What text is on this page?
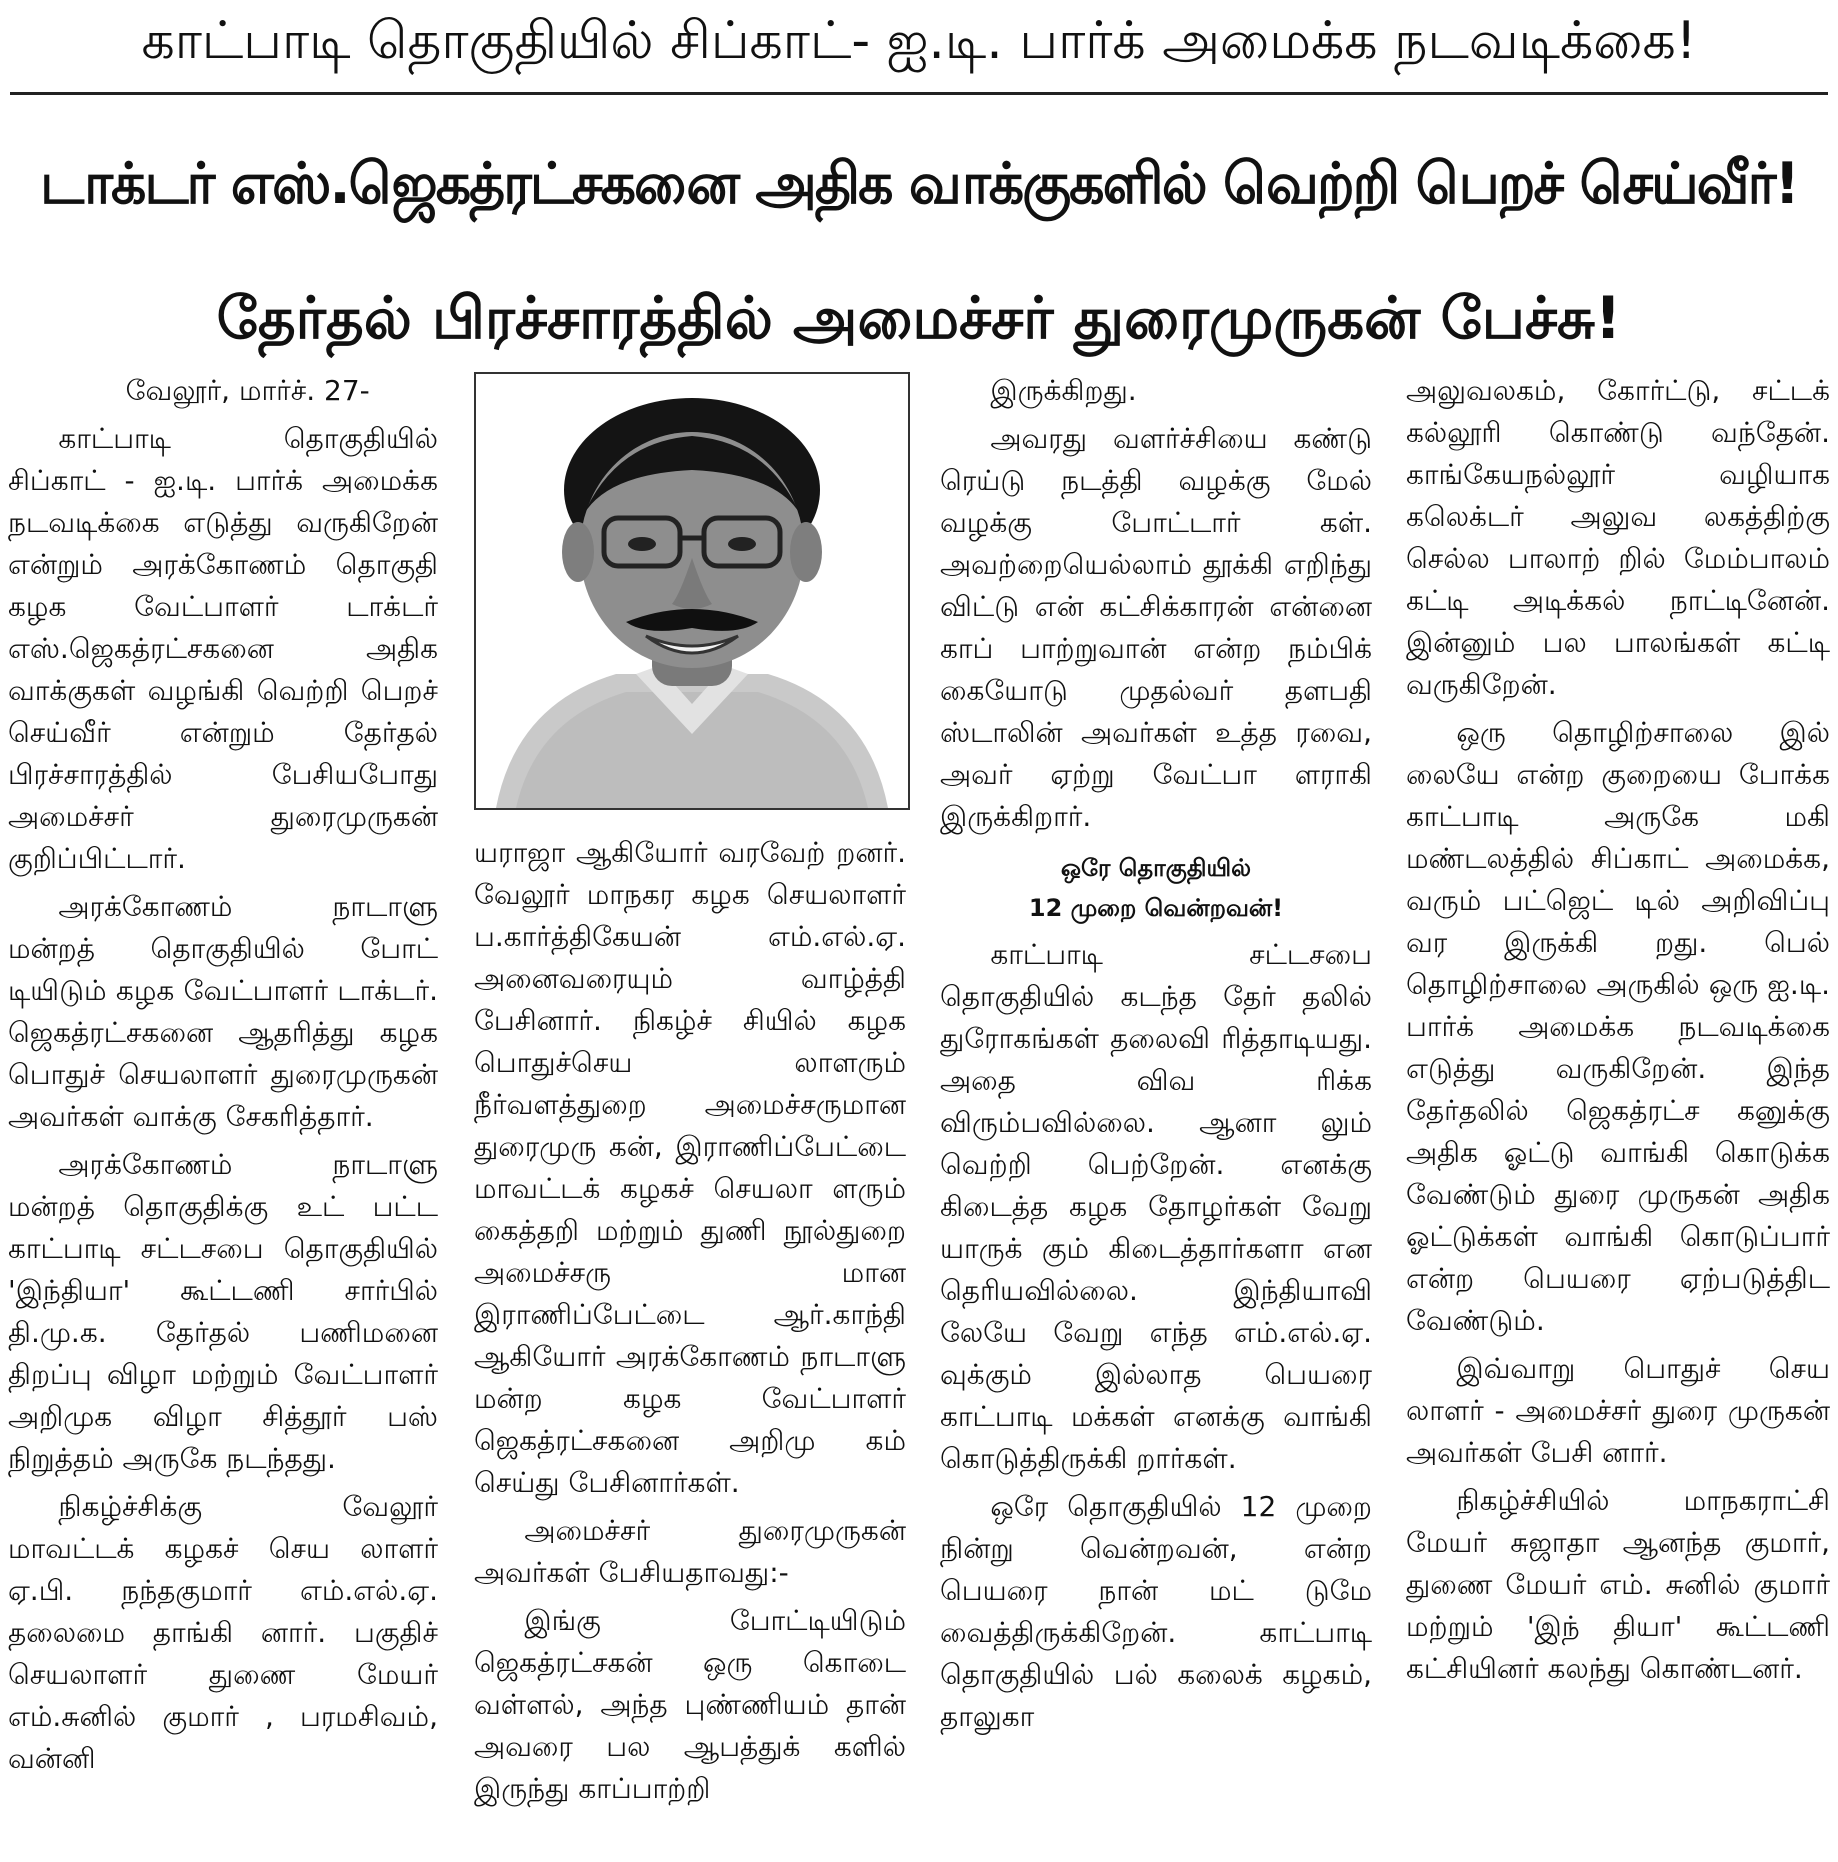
காட்பாடி தொகுதியில் சிப்காட்- ஐ.டி. பார்க் அமைக்க நடவடிக்கை!
டாக்டர் எஸ்.ஜெகத்ரட்சகனை அதிக வாக்குகளில் வெற்றி பெறச் செய்வீர்!
தேர்தல் பிரச்சாரத்தில் அமைச்சர் துரைமுருகன் பேச்சு!

வேலூர், மார்ச். 27-

காட்பாடி தொகுதியில் சிப்காட் - ஐ.டி. பார்க் அமைக்க நடவடிக்கை எடுத்து வருகிறேன் என்றும் அரக்கோணம் தொகுதி கழக வேட்பாளர் டாக்டர் எஸ்.ஜெகத்ரட்சகனை அதிக வாக்குகள் வழங்கி வெற்றி பெறச் செய்வீர் என்றும் தேர்தல் பிரச்சாரத்தில் பேசியபோது அமைச்சர் துரைமுருகன் குறிப்பிட்டார்.

அரக்கோணம் நாடாளு மன்றத் தொகுதியில் போட் டியிடும் கழக வேட்பாளர் டாக்டர். ஜெகத்ரட்சகனை ஆதரித்து கழக பொதுச் செயலாளர் துரைமுருகன் அவர்கள் வாக்கு சேகரித்தார்.

அரக்கோணம் நாடாளு மன்றத் தொகுதிக்கு உட் பட்ட காட்பாடி சட்டசபை தொகுதியில் 'இந்தியா' கூட்டணி சார்பில் தி.மு.க. தேர்தல் பணிமனை திறப்பு விழா மற்றும் வேட்பாளர் அறிமுக விழா சித்தூர் பஸ் நிறுத்தம் அருகே நடந்தது.

நிகழ்ச்சிக்கு வேலூர் மாவட்டக் கழகச் செய லாளர் ஏ.பி. நந்தகுமார் எம்.எல்.ஏ. தலைமை தாங்கி னார். பகுதிச் செயலாளர் துணை மேயர் எம்.சுனில் குமார் , பரமசிவம், வன்னி

யராஜா ஆகியோர் வரவேற் றனர். வேலூர் மாநகர கழக செயலாளர் ப.கார்த்திகேயன் எம்.எல்.ஏ. அனைவரையும் வாழ்த்தி பேசினார். நிகழ்ச் சியில் கழக பொதுச்செய லாளரும் நீர்வளத்துறை அமைச்சருமான துரைமுரு கன், இராணிப்பேட்டை மாவட்டக் கழகச் செயலா ளரும் கைத்தறி மற்றும் துணி நூல்துறை அமைச்சரு மான இராணிப்பேட்டை ஆர்.காந்தி ஆகியோர் அரக்கோணம் நாடாளு மன்ற கழக வேட்பாளர் ஜெகத்ரட்சகனை அறிமு கம் செய்து பேசினார்கள்.

அமைச்சர் துரைமுருகன் அவர்கள் பேசியதாவது:-

இங்கு போட்டியிடும் ஜெகத்ரட்சகன் ஒரு கொடை வள்ளல், அந்த புண்ணியம் தான் அவரை பல ஆபத்துக் களில் இருந்து காப்பாற்றி

இருக்கிறது.

அவரது வளர்ச்சியை கண்டு ரெய்டு நடத்தி வழக்கு மேல் வழக்கு போட்டார் கள். அவற்றையெல்லாம் தூக்கி எறிந்து விட்டு என் கட்சிக்காரன் என்னை காப் பாற்றுவான் என்ற நம்பிக் கையோடு முதல்வர் தளபதி ஸ்டாலின் அவர்கள் உத்த ரவை, அவர் ஏற்று வேட்பா ளராகி இருக்கிறார்.

ஒரே தொகுதியில்
12 முறை வென்றவன்!

காட்பாடி சட்டசபை தொகுதியில் கடந்த தேர் தலில் துரோகங்கள் தலைவி ரித்தாடியது. அதை விவ ரிக்க விரும்பவில்லை. ஆனா லும் வெற்றி பெற்றேன். எனக்கு கிடைத்த கழக தோழர்கள் வேறு யாருக் கும் கிடைத்தார்களா என தெரியவில்லை. இந்தியாவி லேயே வேறு எந்த எம்.எல்.ஏ. வுக்கும் இல்லாத பெயரை காட்பாடி மக்கள் எனக்கு வாங்கி கொடுத்திருக்கி றார்கள்.

ஒரே தொகுதியில் 12 முறை நின்று வென்றவன், என்ற பெயரை நான் மட் டுமே வைத்திருக்கிறேன். காட்பாடி தொகுதியில் பல் கலைக் கழகம், தாலுகா

அலுவலகம், கோர்ட்டு, சட்டக் கல்லூரி கொண்டு வந்தேன். காங்கேயநல்லூர் வழியாக கலெக்டர் அலுவ லகத்திற்கு செல்ல பாலாற் றில் மேம்பாலம் கட்டி அடிக்கல் நாட்டினேன். இன்னும் பல பாலங்கள் கட்டி வருகிறேன்.

ஒரு தொழிற்சாலை இல் லையே என்ற குறையை போக்க காட்பாடி அருகே மகி மண்டலத்தில் சிப்காட் அமைக்க, வரும் பட்ஜெட் டில் அறிவிப்பு வர இருக்கி றது. பெல் தொழிற்சாலை அருகில் ஒரு ஐ.டி. பார்க் அமைக்க நடவடிக்கை எடுத்து வருகிறேன். இந்த தேர்தலில் ஜெகத்ரட்ச கனுக்கு அதிக ஓட்டு வாங்கி கொடுக்க வேண்டும் துரை முருகன் அதிக ஓட்டுக்கள் வாங்கி கொடுப்பார் என்ற பெயரை ஏற்படுத்திட வேண்டும்.

இவ்வாறு பொதுச் செய லாளர் - அமைச்சர் துரை முருகன் அவர்கள் பேசி னார்.

நிகழ்ச்சியில் மாநகராட்சி மேயர் சுஜாதா ஆனந்த குமார், துணை மேயர் எம். சுனில் குமார் மற்றும் 'இந் தியா' கூட்டணி கட்சியினர் கலந்து கொண்டனர்.
